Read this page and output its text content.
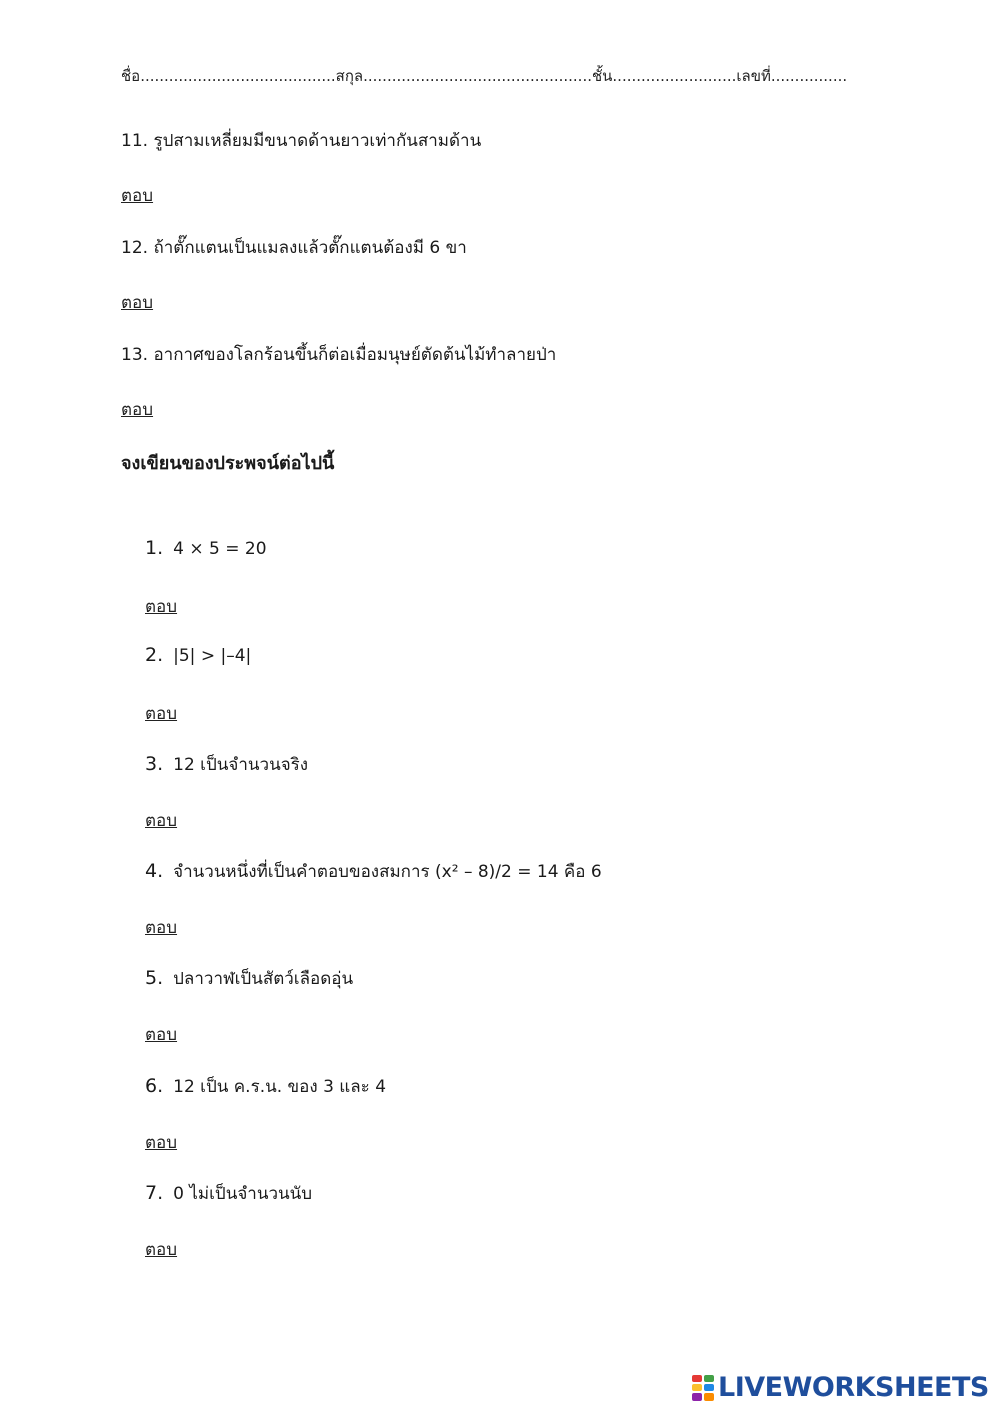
ชื่อ.........................................สกุล................................................ชั้น..........................เลขที่................
11. รูปสามเหลี่ยมมีขนาดด้านยาวเท่ากันสามด้าน
ตอบ
12. ถ้าตั๊กแตนเป็นแมลงแล้วตั๊กแตนต้องมี 6 ขา
ตอบ
13. อากาศของโลกร้อนขึ้นก็ต่อเมื่อมนุษย์ตัดต้นไม้ทำลายป่า
ตอบ
จงเขียนของประพจน์ต่อไปนี้
1. 4 × 5 = 20
ตอบ
2. |5| > |–4|
ตอบ
3. 12 เป็นจำนวนจริง
ตอบ
4. จำนวนหนึ่งที่เป็นคำตอบของสมการ (x² – 8)/2 = 14 คือ 6
ตอบ
5. ปลาวาฬเป็นสัตว์เลือดอุ่น
ตอบ
6. 12 เป็น ค.ร.น. ของ 3 และ 4
ตอบ
7. 0 ไม่เป็นจำนวนนับ
ตอบ
LIVEWORKSHEETS
